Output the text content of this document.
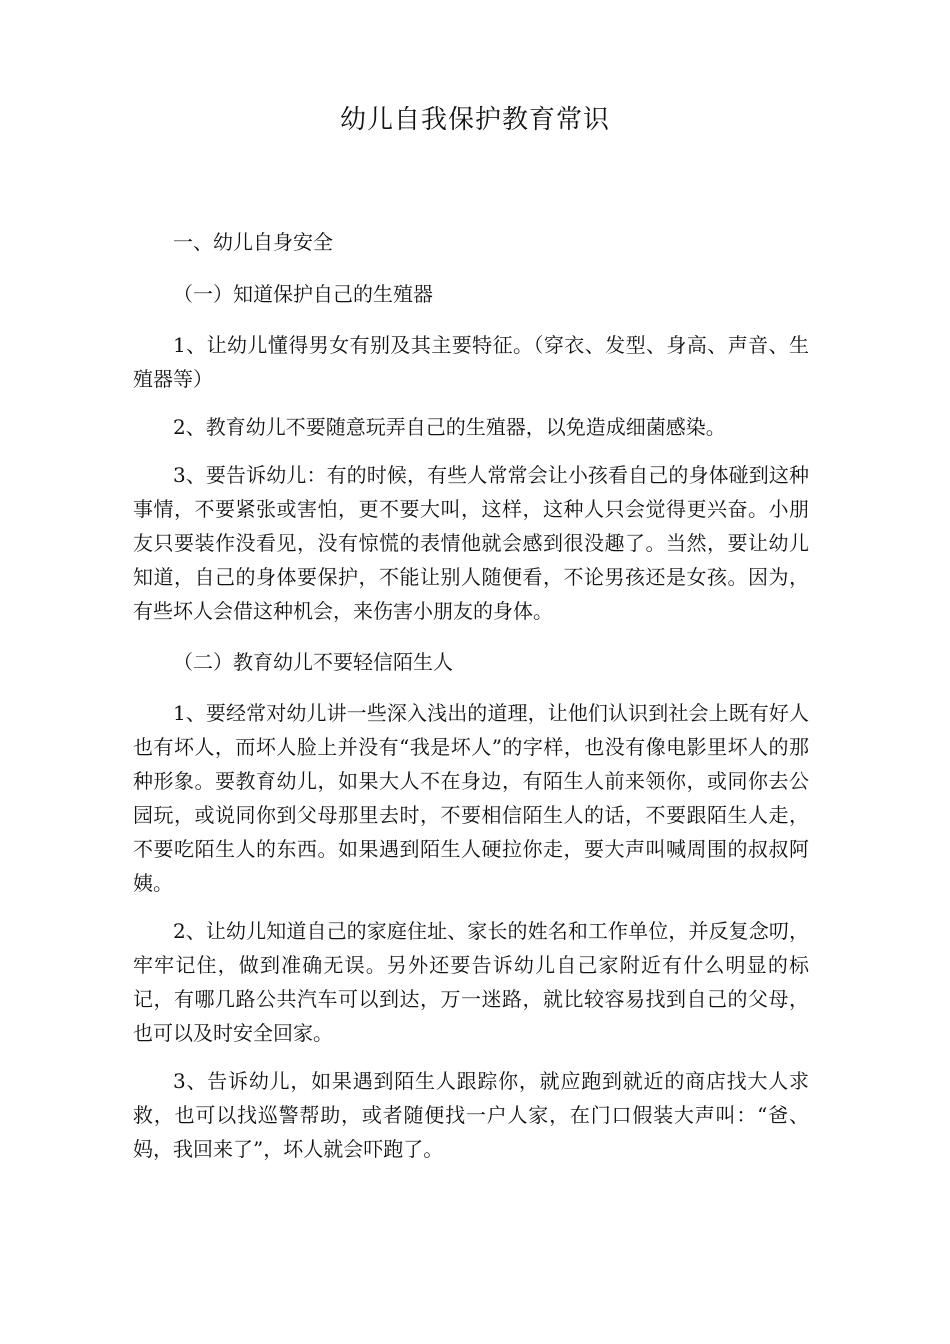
幼儿自我保护教育常识

一、幼儿自身安全

（一）知道保护自己的生殖器

1、让幼儿懂得男女有别及其主要特征。（穿衣、发型、身高、声音、生殖器等）

2、教育幼儿不要随意玩弄自己的生殖器，以免造成细菌感染。

3、要告诉幼儿：有的时候，有些人常常会让小孩看自己的身体碰到这种事情，不要紧张或害怕，更不要大叫，这样，这种人只会觉得更兴奋。小朋友只要装作没看见，没有惊慌的表情他就会感到很没趣了。当然，要让幼儿知道，自己的身体要保护，不能让别人随便看，不论男孩还是女孩。因为，有些坏人会借这种机会，来伤害小朋友的身体。

（二）教育幼儿不要轻信陌生人

1、要经常对幼儿讲一些深入浅出的道理，让他们认识到社会上既有好人也有坏人，而坏人脸上并没有“我是坏人”的字样，也没有像电影里坏人的那种形象。要教育幼儿，如果大人不在身边，有陌生人前来领你，或同你去公园玩，或说同你到父母那里去时，不要相信陌生人的话，不要跟陌生人走，不要吃陌生人的东西。如果遇到陌生人硬拉你走，要大声叫喊周围的叔叔阿姨。

2、让幼儿知道自己的家庭住址、家长的姓名和工作单位，并反复念叨，牢牢记住，做到准确无误。另外还要告诉幼儿自己家附近有什么明显的标记，有哪几路公共汽车可以到达，万一迷路，就比较容易找到自己的父母，也可以及时安全回家。

3、告诉幼儿，如果遇到陌生人跟踪你，就应跑到就近的商店找大人求救，也可以找巡警帮助，或者随便找一户人家，在门口假装大声叫：“爸、妈，我回来了”，坏人就会吓跑了。
